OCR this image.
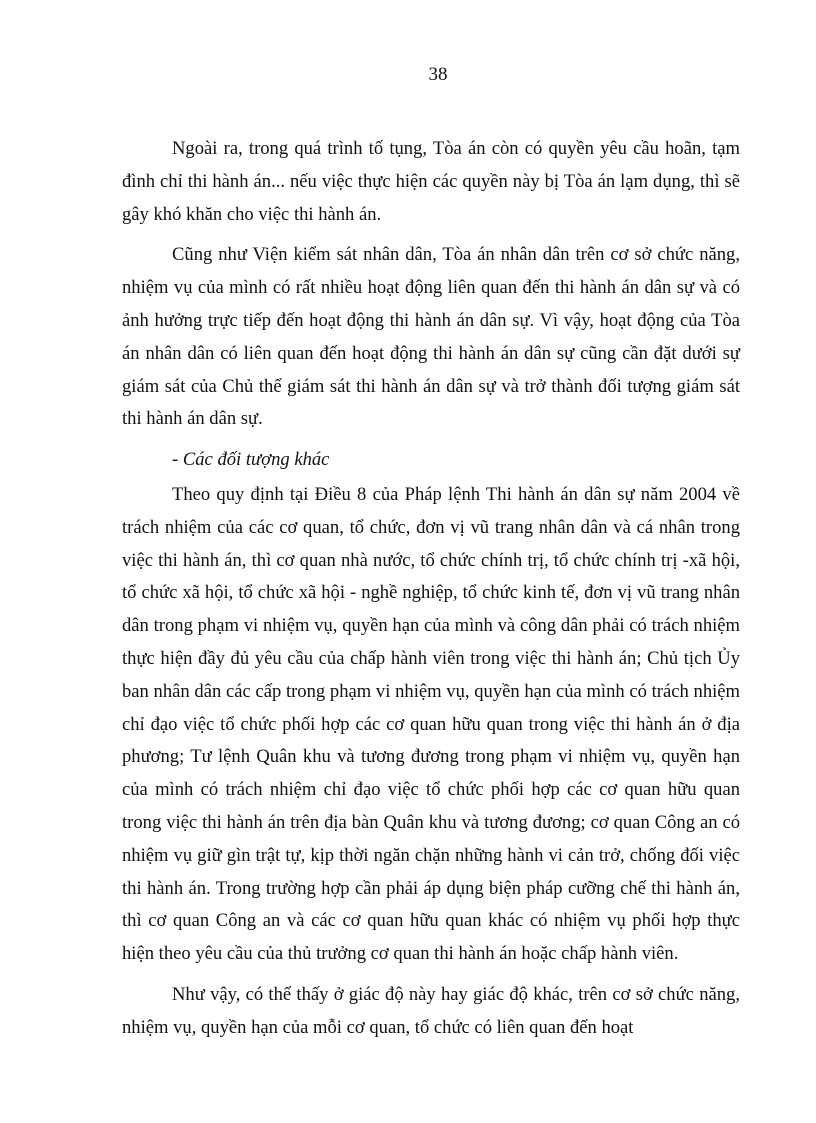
38

Ngoài ra, trong quá trình tố tụng, Tòa án còn có quyền yêu cầu hoãn, tạm đình chỉ thi hành án... nếu việc thực hiện các quyền này bị Tòa án lạm dụng, thì sẽ gây khó khăn cho việc thi hành án.

Cũng như Viện kiểm sát nhân dân, Tòa án nhân dân trên cơ sở chức năng, nhiệm vụ của mình có rất nhiều hoạt động liên quan đến thi hành án dân sự và có ảnh hưởng trực tiếp đến hoạt động thi hành án dân sự. Vì vậy, hoạt động của Tòa án nhân dân có liên quan đến hoạt động thi hành án dân sự cũng cần đặt dưới sự giám sát của Chủ thể giám sát thi hành án dân sự và trở thành đối tượng giám sát thi hành án dân sự.

- Các đối tượng khác

Theo quy định tại Điều 8 của Pháp lệnh Thi hành án dân sự năm 2004 về trách nhiệm của các cơ quan, tổ chức, đơn vị vũ trang nhân dân và cá nhân trong việc thi hành án, thì cơ quan nhà nước, tổ chức chính trị, tổ chức chính trị -xã hội, tổ chức xã hội, tổ chức xã hội - nghề nghiệp, tổ chức kinh tế, đơn vị vũ trang nhân dân trong phạm vi nhiệm vụ, quyền hạn của mình và công dân phải có trách nhiệm thực hiện đầy đủ yêu cầu của chấp hành viên trong việc thi hành án; Chủ tịch Ủy ban nhân dân các cấp trong phạm vi nhiệm vụ, quyền hạn của mình có trách nhiệm chỉ đạo việc tổ chức phối hợp các cơ quan hữu quan trong việc thi hành án ở địa phương; Tư lệnh Quân khu và tương đương trong phạm vi nhiệm vụ, quyền hạn của mình có trách nhiệm chỉ đạo việc tổ chức phối hợp các cơ quan hữu quan trong việc thi hành án trên địa bàn Quân khu và tương đương; cơ quan Công an có nhiệm vụ giữ gìn trật tự, kịp thời ngăn chặn những hành vi cản trở, chống đối việc thi hành án. Trong trường hợp cần phải áp dụng biện pháp cưỡng chế thi hành án, thì cơ quan Công an và các cơ quan hữu quan khác có nhiệm vụ phối hợp thực hiện theo yêu cầu của thủ trưởng cơ quan thi hành án hoặc chấp hành viên.

Như vậy, có thể thấy ở giác độ này hay giác độ khác, trên cơ sở chức năng, nhiệm vụ, quyền hạn của mỗi cơ quan, tổ chức có liên quan đến hoạt
